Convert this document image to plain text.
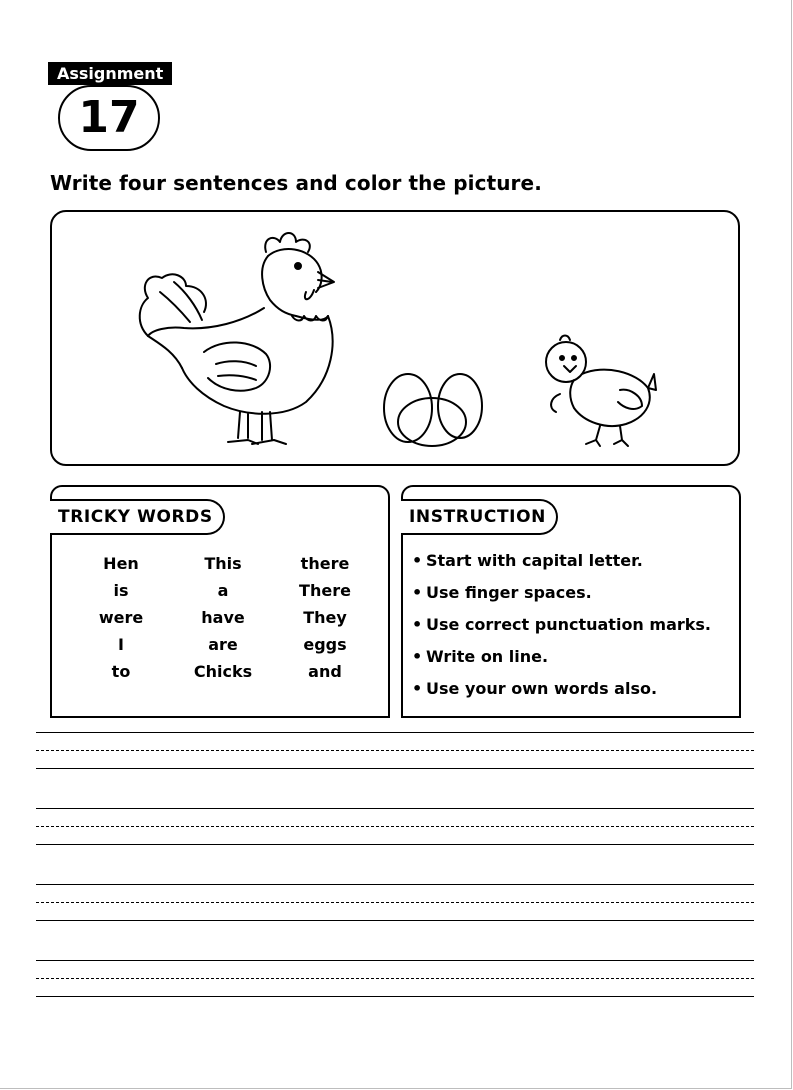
Assignment
17
Write four sentences and color the picture.
TRICKY WORDS
Hen	This	there
is	a	There
were	have	They
I	are	eggs
to	Chicks	and
INSTRUCTION
• Start with capital letter.
• Use finger spaces.
• Use correct punctuation marks.
• Write on line.
• Use your own words also.
